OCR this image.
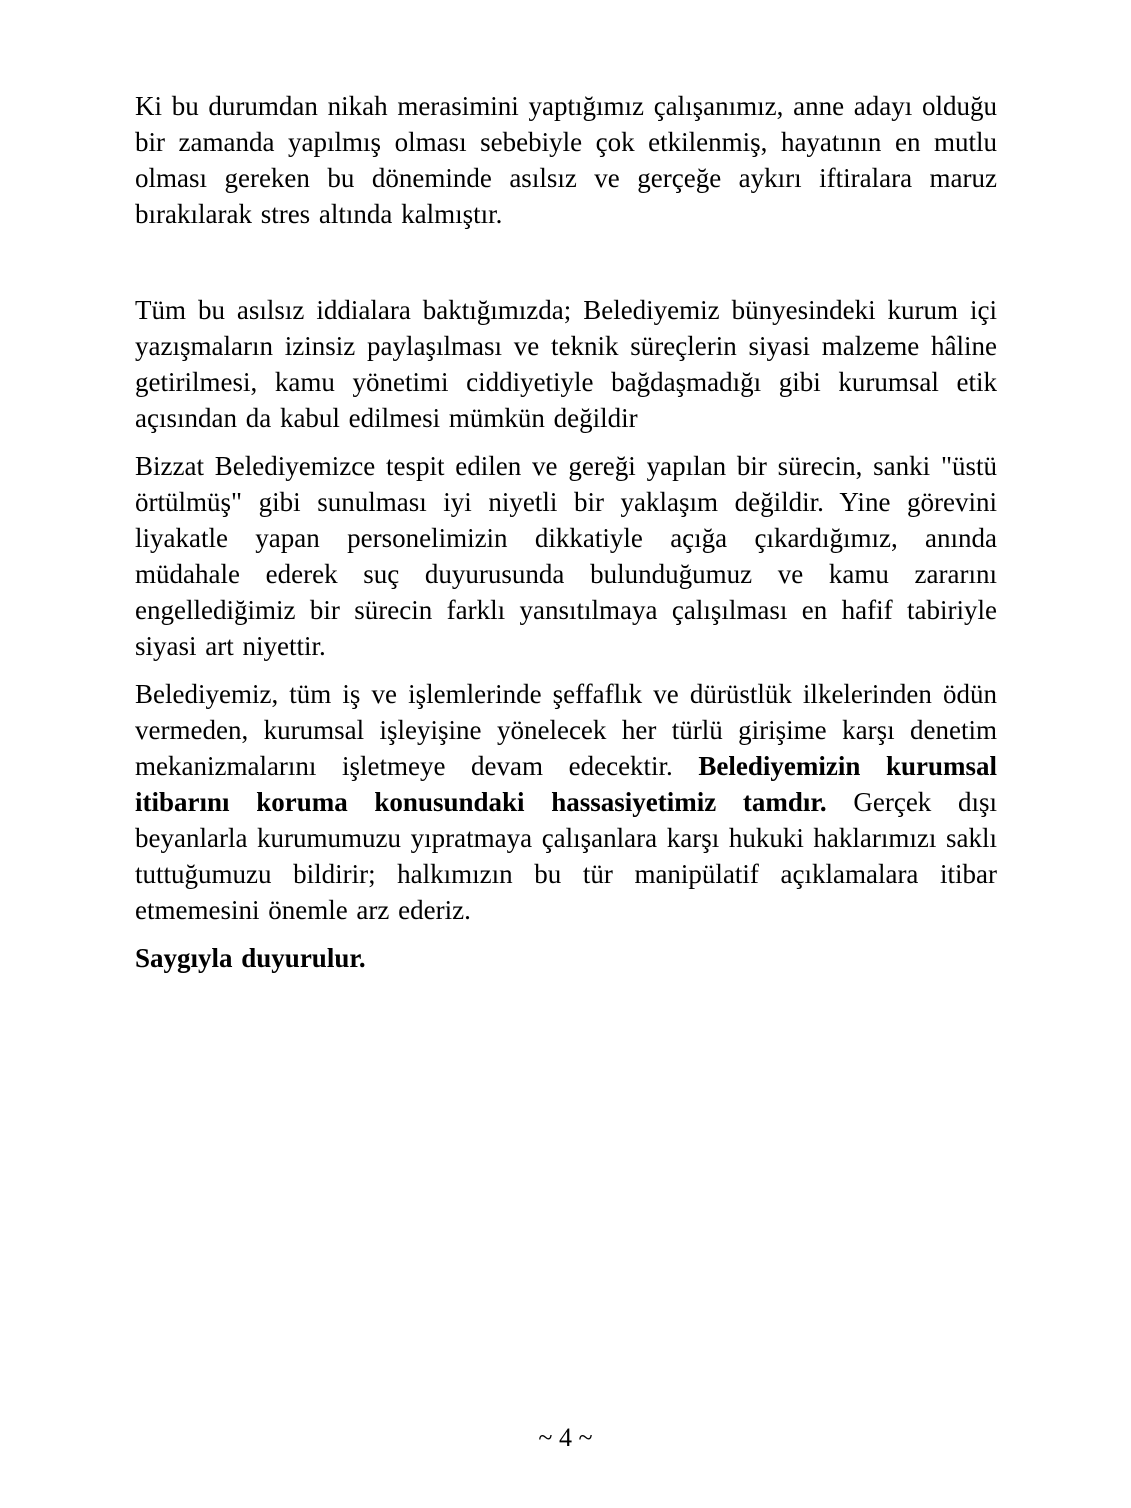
Ki bu durumdan nikah merasimini yaptığımız çalışanımız, anne adayı olduğu bir zamanda yapılmış olması sebebiyle çok etkilenmiş, hayatının en mutlu olması gereken bu döneminde asılsız ve gerçeğe aykırı iftiralara maruz bırakılarak stres altında kalmıştır.

Tüm bu asılsız iddialara baktığımızda; Belediyemiz bünyesindeki kurum içi yazışmaların izinsiz paylaşılması ve teknik süreçlerin siyasi malzeme hâline getirilmesi, kamu yönetimi ciddiyetiyle bağdaşmadığı gibi kurumsal etik açısından da kabul edilmesi mümkün değildir

Bizzat Belediyemizce tespit edilen ve gereği yapılan bir sürecin, sanki "üstü örtülmüş" gibi sunulması iyi niyetli bir yaklaşım değildir. Yine görevini liyakatle yapan personelimizin dikkatiyle açığa çıkardığımız, anında müdahale ederek suç duyurusunda bulunduğumuz ve kamu zararını engellediğimiz bir sürecin farklı yansıtılmaya çalışılması en hafif tabiriyle siyasi art niyettir.

Belediyemiz, tüm iş ve işlemlerinde şeffaflık ve dürüstlük ilkelerinden ödün vermeden, kurumsal işleyişine yönelecek her türlü girişime karşı denetim mekanizmalarını işletmeye devam edecektir. Belediyemizin kurumsal itibarını koruma konusundaki hassasiyetimiz tamdır. Gerçek dışı beyanlarla kurumumuzu yıpratmaya çalışanlara karşı hukuki haklarımızı saklı tuttuğumuzu bildirir; halkımızın bu tür manipülatif açıklamalara itibar etmemesini önemle arz ederiz.

Saygıyla duyurulur.

~ 4 ~
